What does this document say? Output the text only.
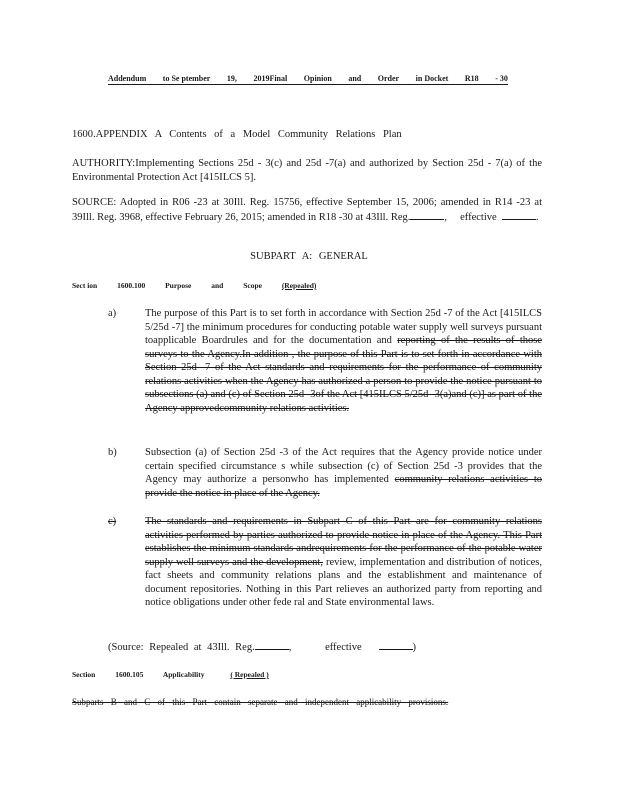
Addendum to Se ptember 19, 2019Final Opinion and Order in Docket R18 - 30
1600.APPENDIX A Contents of a Model Community Relations Plan
AUTHORITY:Implementing Sections 25d - 3(c) and 25d -7(a) and authorized by Section 25d - 7(a) of the Environmental Protection Act [415ILCS 5].
SOURCE: Adopted in R06 -23 at 30Ill. Reg. 15756, effective September 15, 2006; amended in R14 -23 at 39Ill. Reg. 3968, effective February 26, 2015; amended in R18 -30 at 43Ill. Reg.	,     effective	.
SUBPART A: GENERAL
Sect ion	1600.100	Purpose	and	Scope	(Repealed)
a)	The purpose of this Part is to set forth in accordance with Section 25d -7 of the Act [415ILCS 5/25d -7] the minimum procedures for conducting potable water supply well surveys pursuant toapplicable Boardrules and for the documentation and reporting of the results of those surveys to the Agency.In addition , the purpose of this Part is to set forth in accordance with Section 25d -7 of the Act standards and requirements for the performance of community relations activities when the Agency has authorized a person to provide the notice pursuant to subsections (a) and (c) of Section 25d -3of the Act [415ILCS 5/25d -3(a)and (c)] as part of the Agency approvedcommunity relations activities.
b)	Subsection (a) of Section 25d -3 of the Act requires that the Agency provide notice under certain specified circumstance s while subsection (c) of Section 25d -3 provides that the Agency may authorize a personwho has implemented community relations activities to provide the notice in place of the Agency.
c)	The standards and requirements in Subpart C of this Part are for community relations activities performed by parties authorized to provide notice in place of the Agency. This Part establishes the minimum standards andrequirements for the performance of the potable water supply well surveys and the development, review, implementation and distribution of notices, fact sheets and community relations plans and the establishment and maintenance of document repositories. Nothing in this Part relieves an authorized party from reporting and notice obligations under other fede ral and State environmental laws.
(Source: Repealed at 43Ill. Reg.	,      effective	)
Section	1600.105	Applicability	( Repealed )
Subparts B and C of this Part contain separate and independent applicability provisions.
